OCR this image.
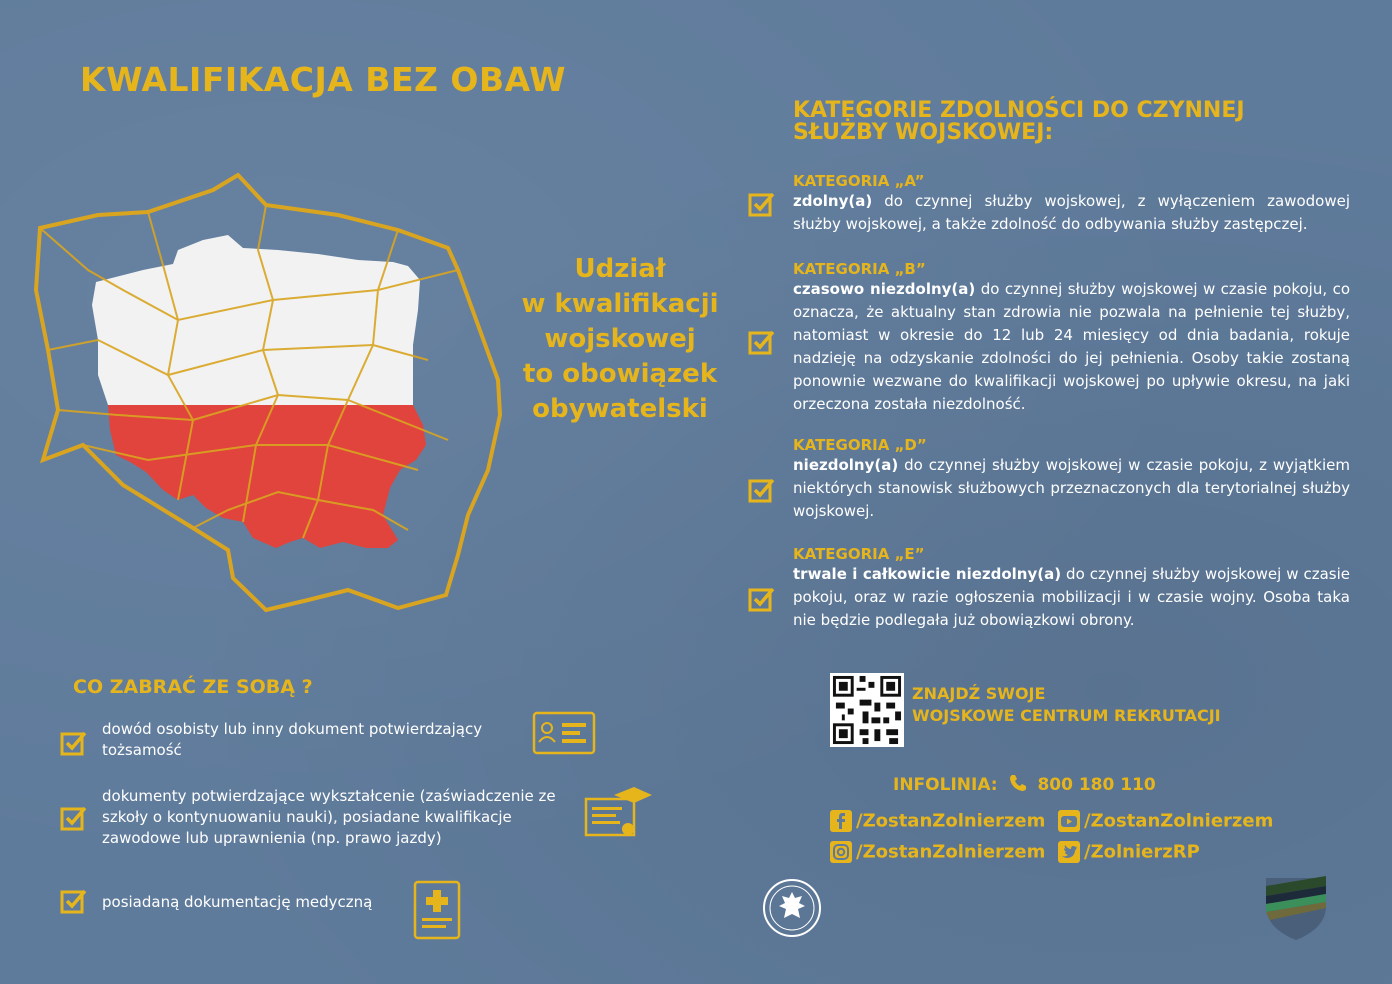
KWALIFIKACJA BEZ OBAW
Udział
w kwalifikacji
wojskowej
to obowiązek
obywatelski
CO ZABRAĆ ZE SOBĄ ?
dowód osobisty lub inny dokument potwierdzający tożsamość
dokumenty potwierdzające wykształcenie (zaświadczenie ze szkoły o kontynuowaniu nauki), posiadane kwalifikacje zawodowe lub uprawnienia (np. prawo jazdy)
posiadaną dokumentację medyczną
KATEGORIE ZDOLNOŚCI DO CZYNNEJ SŁUŻBY WOJSKOWEJ:
KATEGORIA „A”
zdolny(a) do czynnej służby wojskowej, z wyłączeniem zawodowej służby wojskowej, a także zdolność do odbywania służby zastępczej.
KATEGORIA „B”
czasowo niezdolny(a) do czynnej służby wojskowej w czasie pokoju, co oznacza, że aktualny stan zdrowia nie pozwala na pełnienie tej służby, natomiast w okresie do 12 lub 24 miesięcy od dnia badania, rokuje nadzieję na odzyskanie zdolności do jej pełnienia. Osoby takie zostaną ponownie wezwane do kwalifikacji wojskowej po upływie okresu, na jaki orzeczona została niezdolność.
KATEGORIA „D”
niezdolny(a) do czynnej służby wojskowej w czasie pokoju, z wyjątkiem niektórych stanowisk służbowych przeznaczonych dla terytorialnej służby wojskowej.
KATEGORIA „E”
trwale i całkowicie niezdolny(a) do czynnej służby wojskowej w czasie pokoju, oraz w razie ogłoszenia mobilizacji i w czasie wojny. Osoba taka nie będzie podlegała już obowiązkowi obrony.
ZNAJDŹ SWOJE
WOJSKOWE CENTRUM REKRUTACJI
INFOLINIA: 800 180 110
/ZostanZolnierzem	/ZostanZolnierzem
/ZostanZolnierzem	/ZolnierzRP
